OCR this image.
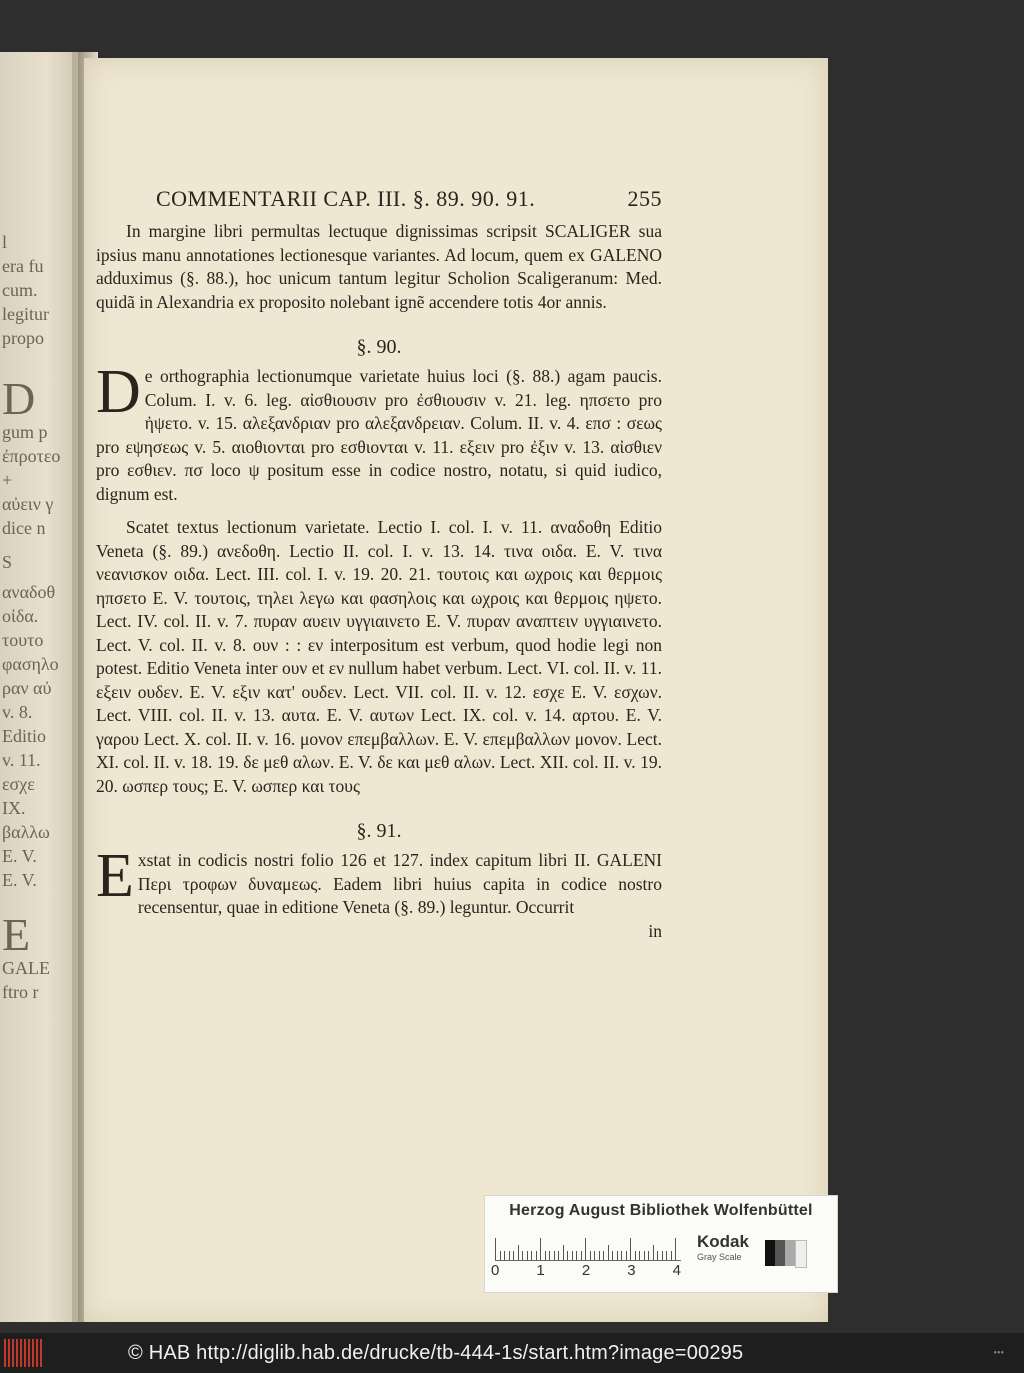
l
era fu
cum.
legitur
propo
D
gum p
ἐπροτεο
+
αὐειν γ
dice n
S
αναδοθ
οἰδα.
τουτο
φασηλο
ραν αὐ
v. 8.
Editio
v. 11.
εσχε
IX.
βαλλω
E. V.
E. V.
E
GALE
ftro r
COMMENTARII CAP. III. §. 89. 90. 91.	255

In margine libri permultas lectuque dignissimas scripsit SCALIGER sua ipsius manu annotationes lectionesque variantes. Ad locum, quem ex GALENO adduximus (§. 88.), hoc unicum tantum legitur Scholion Scaligeranum: Med. quidã in Alexandria ex proposito nolebant ignẽ accendere totis 4or annis.

§. 90.
D e orthographia lectionumque varietate huius loci (§. 88.) agam paucis. Colum. I. v. 6. leg. αἰσθιουσιν pro ἐσθιουσιν v. 21. leg. ηπσετο pro ἠψετο. v. 15. αλεξανδριαν pro αλεξανδρειαν. Colum. II. v. 4. επσ : σεως pro εψησεως v. 5. αιοθιονται pro εσθιονται v. 11. εξειν pro ἐξιν v. 13. αἰσθιεν pro εσθιεν. πσ loco ψ positum esse in codice nostro, notatu, si quid iudico, dignum est.

Scatet textus lectionum varietate. Lectio I. col. I. v. 11. αναδοθη Editio Veneta (§. 89.) ανεδοθη. Lectio II. col. I. v. 13. 14. τινα οιδα. E. V. τινα νεανισκον οιδα. Lect. III. col. I. v. 19. 20. 21. τουτοις και ωχροις και θερμοις ηπσετο E. V. τουτοις, τηλει λεγω και φασηλοις και ωχροις και θερμοις ηψετο. Lect. IV. col. II. v. 7. πυραν αυειν υγγιαινετο E. V. πυραν αναπτειν υγγιαινετο. Lect. V. col. II. v. 8. ουν : : εν interpositum est verbum, quod hodie legi non potest. Editio Veneta inter ουν et εν nullum habet verbum. Lect. VI. col. II. v. 11. εξειν ουδεν. E. V. εξιν κατ' ουδεν. Lect. VII. col. II. v. 12. εσχε E. V. εσχων. Lect. VIII. col. II. v. 13. αυτα. E. V. αυτων Lect. IX. col. v. 14. αρτου. E. V. γαρου Lect. X. col. II. v. 16. μονον επεμβαλλων. E. V. επεμβαλλων μονον. Lect. XI. col. II. v. 18. 19. δε μεθ αλων. E. V. δε και μεθ αλων. Lect. XII. col. II. v. 19. 20. ωσπερ τους; E. V. ωσπερ και τους

§. 91.
E xstat in codicis nostri folio 126 et 127. index capitum libri II. GALENI Περι τροφων δυναμεως. Eadem libri huius capita in codice nostro recensentur, quae in editione Veneta (§. 89.) leguntur. Occurrit

in

Herzog August Bibliothek Wolfenbüttel
0 1 2 3 4
Kodak
Gray Scale
© HAB http://diglib.hab.de/drucke/tb-444-1s/start.htm?image=00295	•••
